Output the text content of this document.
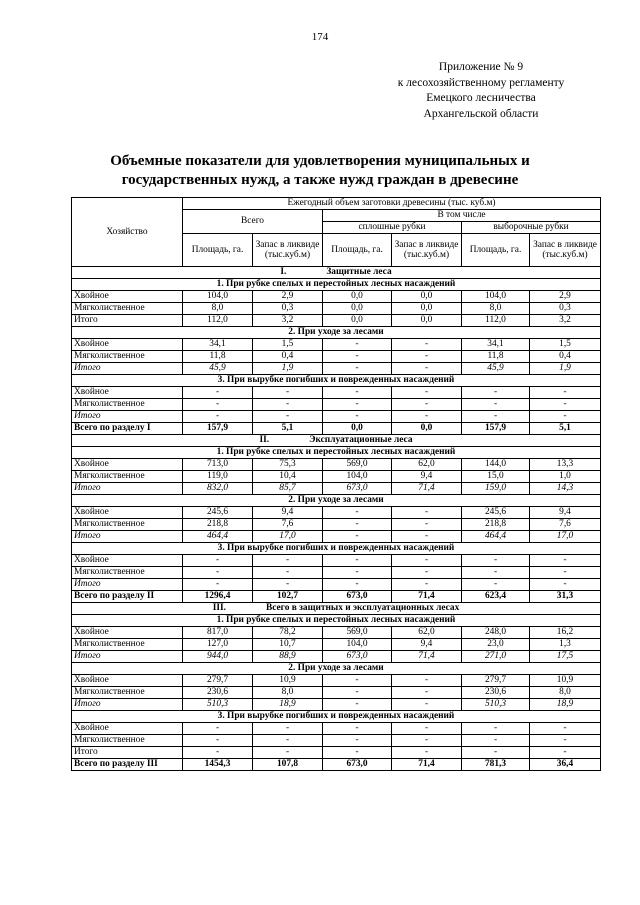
174
Приложение № 9
к лесохозяйственному регламенту
Емецкого лесничества
Архангельской области
Объемные показатели для удовлетворения муниципальных и
государственных нужд, а также нужд граждан в древесине
Хозяйство	Ежегодный объем заготовки древесины (тыс. куб.м)					
	Всего		В том числе			
			сплошные рубки		выборочные рубки	
	Площадь, га.	Запас в ликвиде (тыс.куб.м)	Площадь, га.	Запас в ликвиде (тыс.куб.м)	Площадь, га.	Запас в ликвиде (тыс.куб.м)
I. Защитные леса						
1. При рубке спелых и перестойных лесных насаждений						
Хвойное	104,0	2,9	0,0	0,0	104,0	2,9
Мягколиственное	8,0	0,3	0,0	0,0	8,0	0,3
Итого	112,0	3,2	0,0	0,0	112,0	3,2
2. При уходе за лесами						
Хвойное	34,1	1,5	-	-	34,1	1,5
Мягколиственное	11,8	0,4	-	-	11,8	0,4
Итого	45,9	1,9	-	-	45,9	1,9
3. При вырубке погибших и поврежденных насаждений						
Хвойное	-	-	-	-	-	-
Мягколиственное	-	-	-	-	-	-
Итого	-	-	-	-	-	-
Всего по разделу I	157,9	5,1	0,0	0,0	157,9	5,1
II. Эксплуатационные леса						
1. При рубке спелых и перестойных лесных насаждений						
Хвойное	713,0	75,3	569,0	62,0	144,0	13,3
Мягколиственное	119,0	10,4	104,0	9,4	15,0	1,0
Итого	832,0	85,7	673,0	71,4	159,0	14,3
2. При уходе за лесами						
Хвойное	245,6	9,4	-	-	245,6	9,4
Мягколиственное	218,8	7,6	-	-	218,8	7,6
Итого	464,4	17,0	-	-	464,4	17,0
3. При вырубке погибших и поврежденных насаждений						
Хвойное	-	-	-	-	-	-
Мягколиственное	-	-	-	-	-	-
Итого	-	-	-	-	-	-
Всего по разделу II	1296,4	102,7	673,0	71,4	623,4	31,3
III. Всего в защитных и эксплуатационных лесах						
1. При рубке спелых и перестойных лесных насаждений						
Хвойное	817,0	78,2	569,0	62,0	248,0	16,2
Мягколиственное	127,0	10,7	104,0	9,4	23,0	1,3
Итого	944,0	88,9	673,0	71,4	271,0	17,5
2. При уходе за лесами						
Хвойное	279,7	10,9	-	-	279,7	10,9
Мягколиственное	230,6	8,0	-	-	230,6	8,0
Итого	510,3	18,9	-	-	510,3	18,9
3. При вырубке погибших и поврежденных насаждений						
Хвойное	-	-	-	-	-	-
Мягколиственное	-	-	-	-	-	-
Итого	-	-	-	-	-	-
Всего по разделу III	1454,3	107,8	673,0	71,4	781,3	36,4
